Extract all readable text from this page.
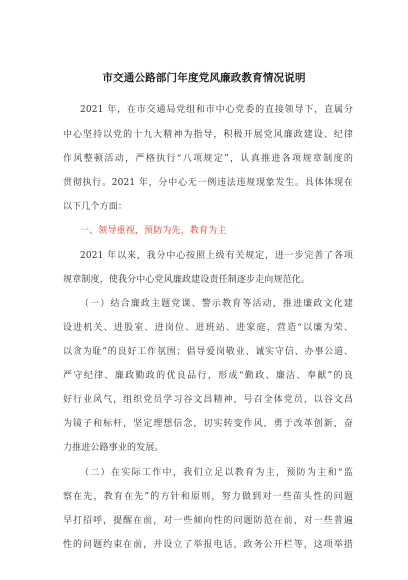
市交通公路部门年度党风廉政教育情况说明
2021 年，在市交通局党组和市中心党委的直接领导下，直属分
中心坚持以党的十九大精神为指导，积极开展党风廉政建设、纪律
作风整顿活动，严格执行“八项规定”，认真推进各项规章制度的
贯彻执行。2021 年，分中心无一例违法违规现象发生。具体体现在
以下几个方面：
一、领导重视，预防为先，教育为主
2021 年以来，我分中心按照上级有关规定，进一步完善了各项
规章制度，使我分中心党风廉政建设责任制逐步走向规范化。
（一）结合廉政主题党课、警示教育等活动，推进廉政文化建
设进机关、进股室、进岗位、进班站、进家庭，营造“以廉为荣、
以贪为耻”的良好工作氛围；倡导爱岗敬业、诚实守信、办事公道、
严守纪律、廉政勤政的优良品行，形成“勤政、廉洁、奉献”的良
好行业风气，组织党员学习谷文昌精神，号召全体党员，以谷文昌
为镜子和标杆，坚定理想信念，切实转变作风，勇于改革创新，奋
力推进公路事业的发展。
（二）在实际工作中，我们立足以教育为主，预防为主和“监
察在先，教育在先”的方针和原则，努力做到对一些苗头性的问题
早打招呼，提醒在前，对一些倾向性的问题防范在前，对一些普遍
性的问题约束在前，并设立了举报电话，政务公开栏等，这项举措
